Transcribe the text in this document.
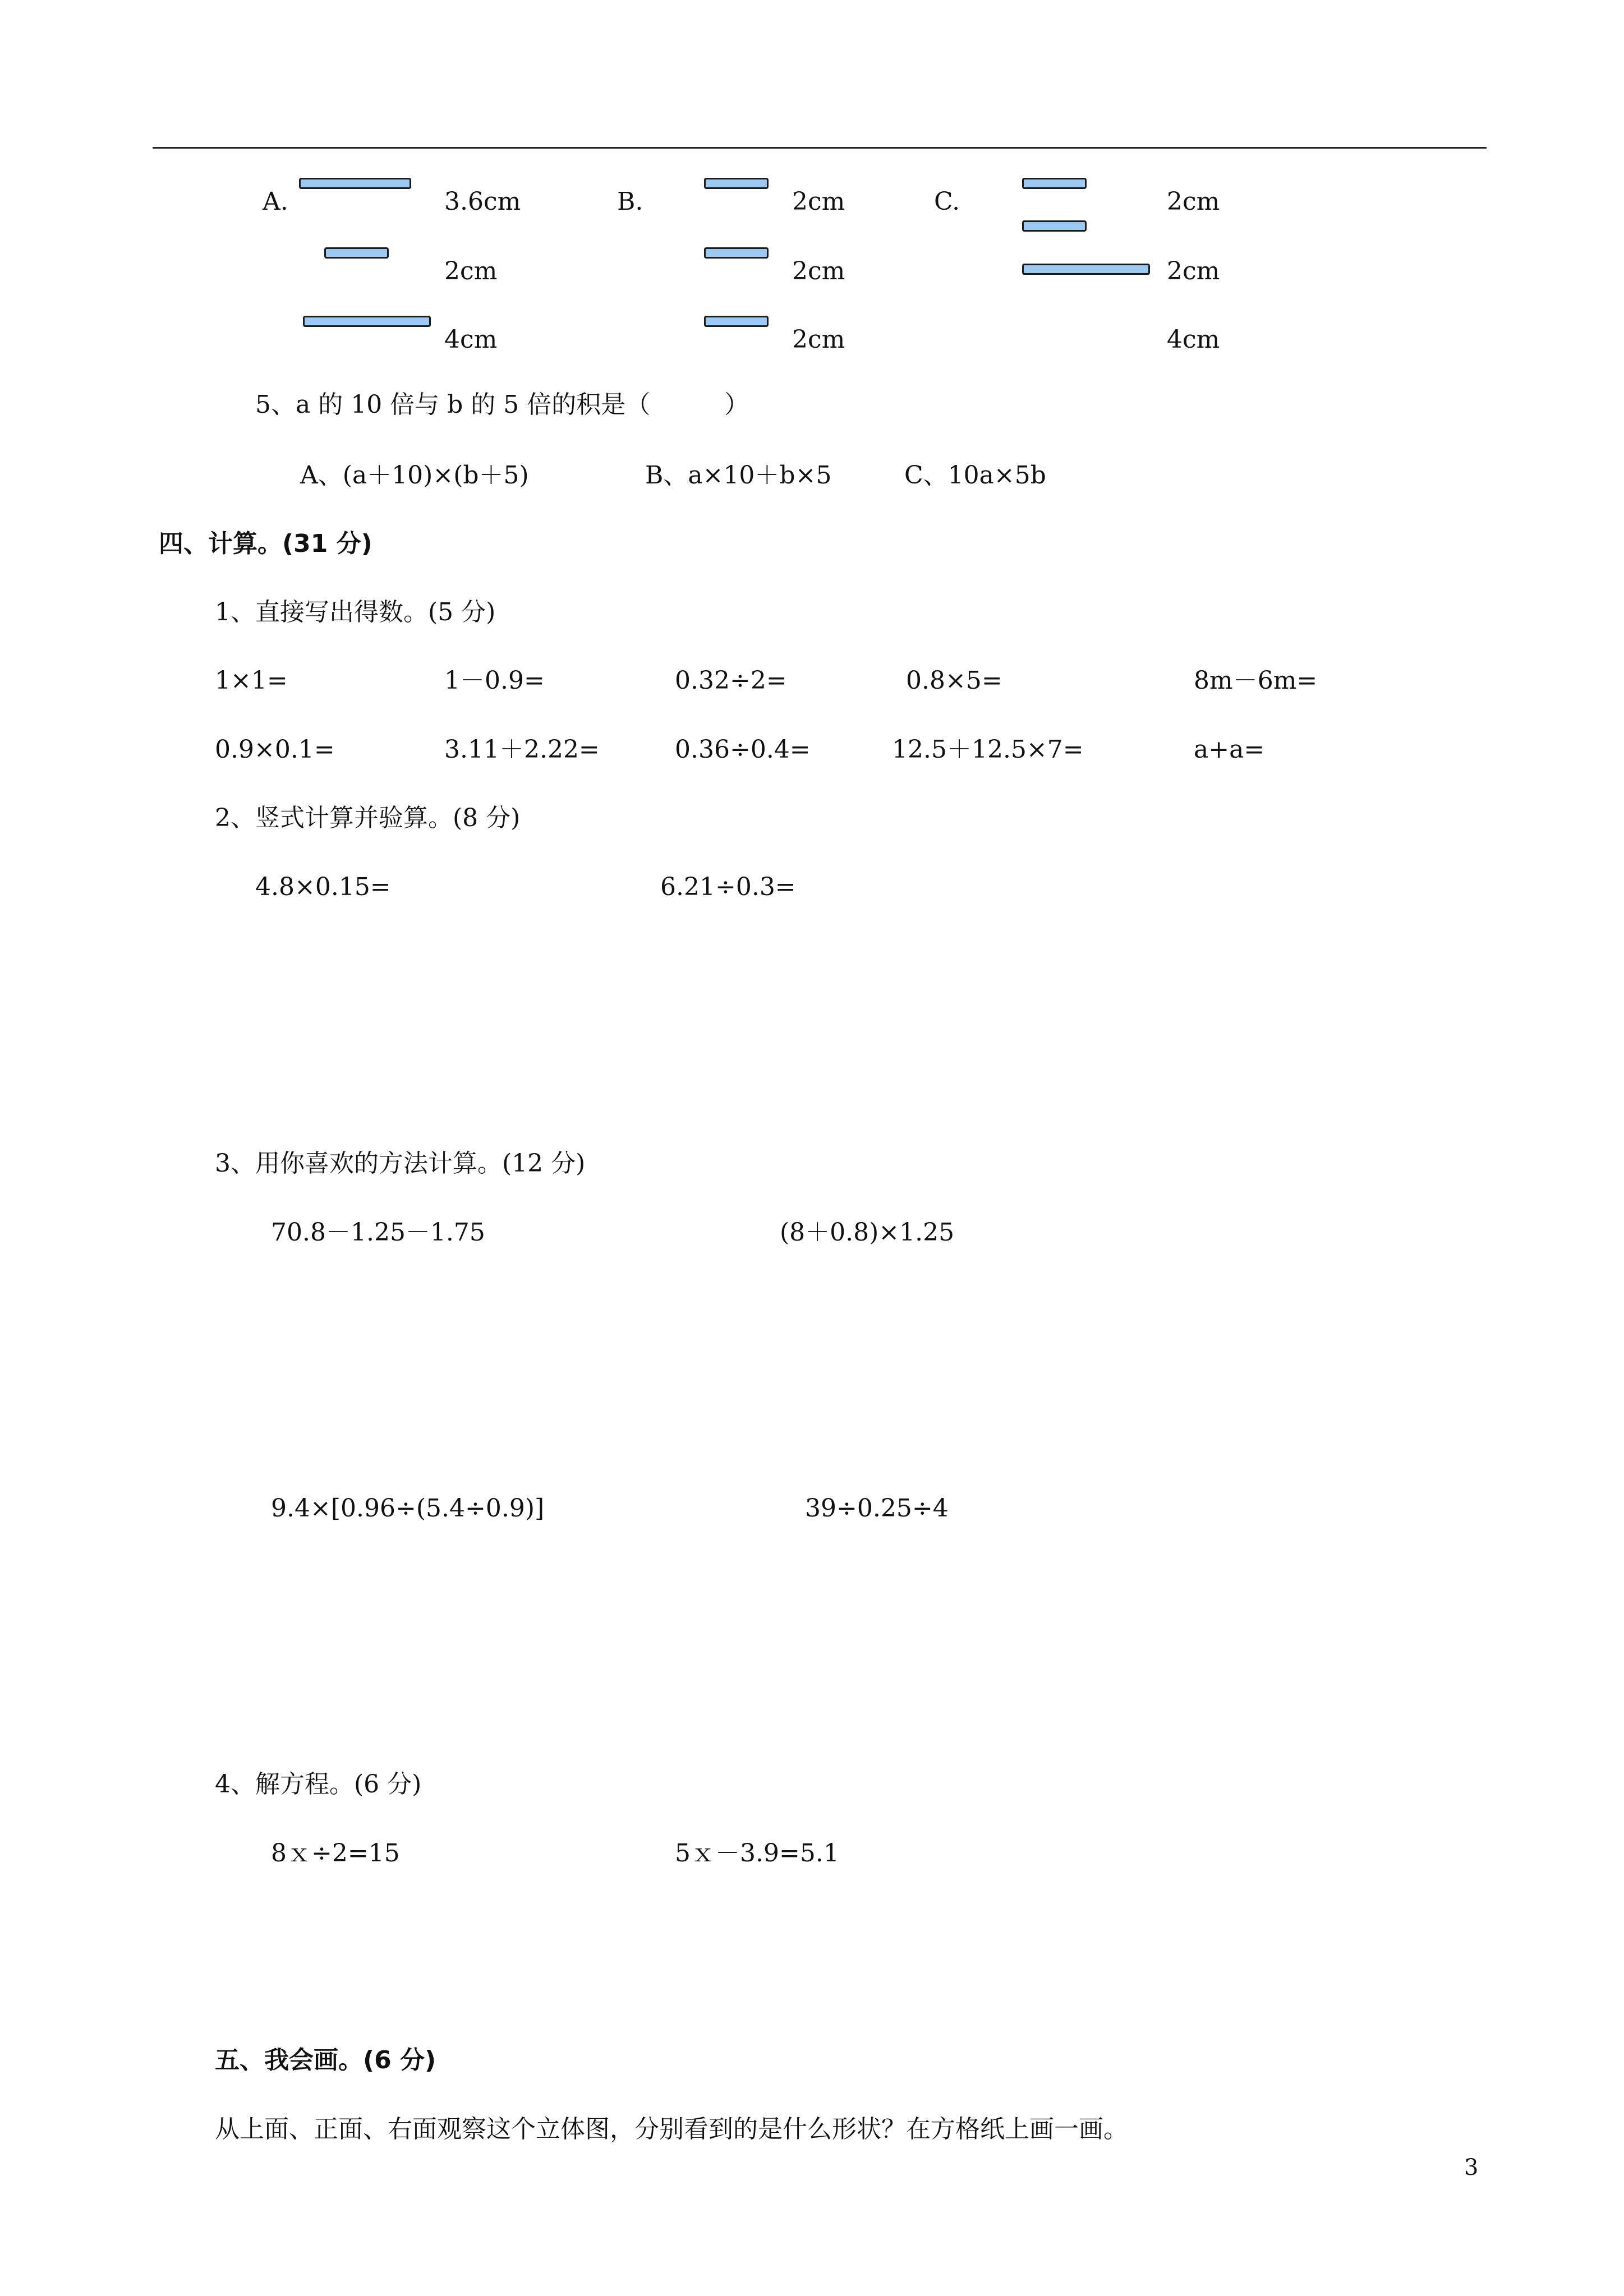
A.	3.6cm
2cm
4cm
B.	2cm
2cm
2cm
C.	2cm
2cm
4cm
5、a 的 10 倍与 b 的 5 倍的积是（　　　）
A、(a＋10)×(b＋5)	B、a×10＋b×5	C、10a×5b
四、计算。(31 分)
1、直接写出得数。(5 分)
1×1=	1－0.9=	0.32÷2=	0.8×5=	8m－6m=
0.9×0.1=	3.11＋2.22=	0.36÷0.4=	12.5＋12.5×7=	a+a=
2、竖式计算并验算。(8 分)
4.8×0.15=	6.21÷0.3=
3、用你喜欢的方法计算。(12 分)
70.8－1.25－1.75	(8＋0.8)×1.25
9.4×[0.96÷(5.4÷0.9)]	39÷0.25÷4
4、解方程。(6 分)
8ｘ÷2=15	5ｘ－3.9=5.1
五、我会画。(6 分)
从上面、正面、右面观察这个立体图，分别看到的是什么形状？在方格纸上画一画。
3
